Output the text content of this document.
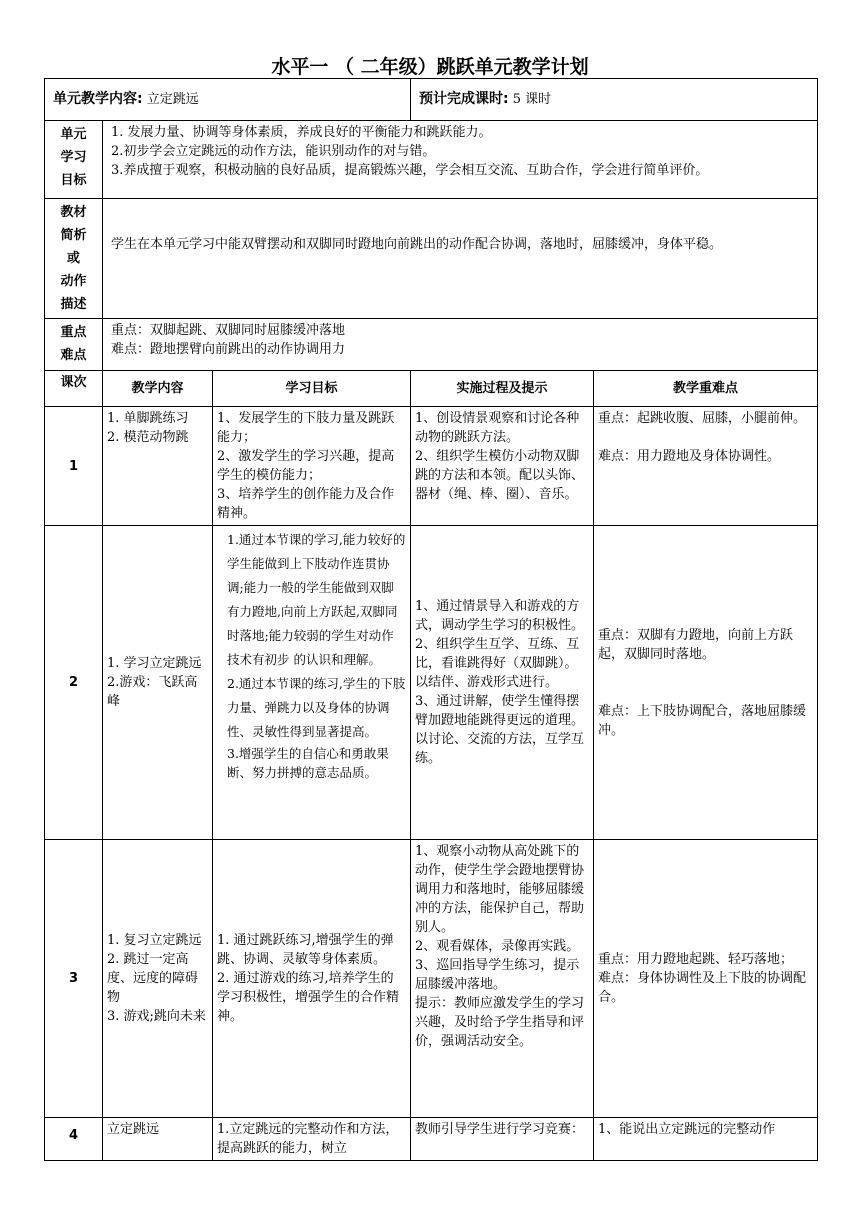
水平一 （ 二年级）跳跃单元教学计划
单元教学内容: 立定跳远			预计完成课时: 5 课时	

单元
学习
目标	1. 发展力量、协调等身体素质，养成良好的平衡能力和跳跃能力。
2.初步学会立定跳远的动作方法，能识别动作的对与错。
3.养成擅于观察，积极动脑的良好品质，提高锻炼兴趣，学会相互交流、互助合作，学会进行简单评价。			

教材
简析
或
动作
描述	学生在本单元学习中能双臂摆动和双脚同时蹬地向前跳出的动作配合协调，落地时，屈膝缓冲，身体平稳。			

重点
难点	重点：双脚起跳、双脚同时屈膝缓冲落地
难点：蹬地摆臂向前跳出的动作协调用力			

课次	教学内容	学习目标	实施过程及提示	教学重难点
1	1. 单脚跳练习
2. 模范动物跳	1、发展学生的下肢力量及跳跃能力；
2、激发学生的学习兴趣，提高学生的模仿能力；
3、培养学生的创作能力及合作精神。	1、创设情景观察和讨论各种动物的跳跃方法。
2、组织学生模仿小动物双脚跳的方法和本领。配以头饰、器材（绳、棒、圈）、音乐。	重点：起跳收腹、屈膝，小腿前伸。
难点：用力蹬地及身体协调性。

2	1. 学习立定跳远
2.游戏：飞跃高峰	1.通过本节课的学习,能力较好的学生能做到上下肢动作连贯协调;能力一般的学生能做到双脚有力蹬地,向前上方跃起,双脚同时落地;能力较弱的学生对动作技术有初步 的认识和理解。
2.通过本节课的练习,学生的下肢力量、弹跳力以及身体的协调性、灵敏性得到显著提高。
3.增强学生的自信心和勇敢果断、努力拼搏的意志品质。	1、通过情景导入和游戏的方式，调动学生学习的积极性。
2、组织学生互学、互练、互比，看谁跳得好（双脚跳）。以结伴、游戏形式进行。
3、通过讲解，使学生懂得摆臂加蹬地能跳得更远的道理。以讨论、交流的方法，互学互练。	重点：双脚有力蹬地，向前上方跃起，双脚同时落地。
难点：上下肢协调配合，落地屈膝缓冲。

3	1. 复习立定跳远
2. 跳过一定高度、远度的障碍物
3. 游戏;跳向未来	1. 通过跳跃练习,增强学生的弹跳、协调、灵敏等身体素质。
2. 通过游戏的练习,培养学生的学习积极性，增强学生的合作精神。	1、观察小动物从高处跳下的动作，使学生学会蹬地摆臂协调用力和落地时，能够屈膝缓冲的方法，能保护自己，帮助别人。
2、观看媒体，录像再实践。
3、巡回指导学生练习，提示屈膝缓冲落地。
提示：教师应激发学生的学习兴趣，及时给予学生指导和评价，强调活动安全。	重点：用力蹬地起跳、轻巧落地；
难点：身体协调性及上下肢的协调配合。

4	立定跳远	1.立定跳远的完整动作和方法，提高跳跃的能力，树立	教师引导学生进行学习竞赛：	1、能说出立定跳远的完整动作
